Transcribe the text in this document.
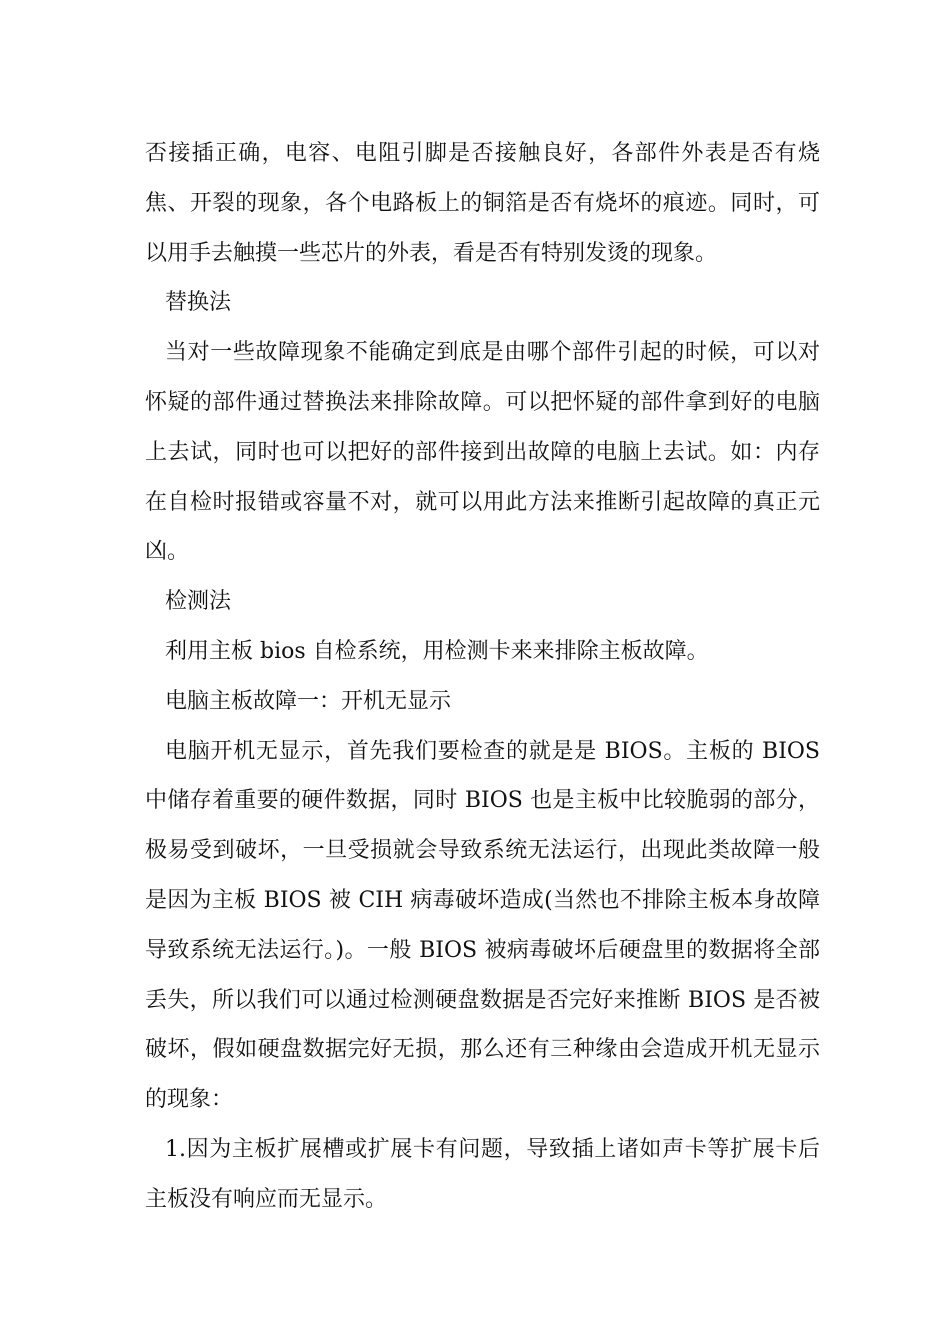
否接插正确，电容、电阻引脚是否接触良好，各部件外表是否有烧焦、开裂的现象，各个电路板上的铜箔是否有烧坏的痕迹。同时，可以用手去触摸一些芯片的外表，看是否有特别发烫的现象。

替换法

当对一些故障现象不能确定到底是由哪个部件引起的时候，可以对怀疑的部件通过替换法来排除故障。可以把怀疑的部件拿到好的电脑上去试，同时也可以把好的部件接到出故障的电脑上去试。如：内存在自检时报错或容量不对，就可以用此方法来推断引起故障的真正元凶。

检测法

利用主板 bios 自检系统，用检测卡来来排除主板故障。

电脑主板故障一：开机无显示

电脑开机无显示，首先我们要检查的就是是 BIOS。主板的 BIOS 中储存着重要的硬件数据，同时 BIOS 也是主板中比较脆弱的部分，极易受到破坏，一旦受损就会导致系统无法运行，出现此类故障一般是因为主板 BIOS 被 CIH 病毒破坏造成(当然也不排除主板本身故障导致系统无法运行。)。一般 BIOS 被病毒破坏后硬盘里的数据将全部丢失，所以我们可以通过检测硬盘数据是否完好来推断 BIOS 是否被破坏，假如硬盘数据完好无损，那么还有三种缘由会造成开机无显示的现象：

1.因为主板扩展槽或扩展卡有问题，导致插上诸如声卡等扩展卡后主板没有响应而无显示。
